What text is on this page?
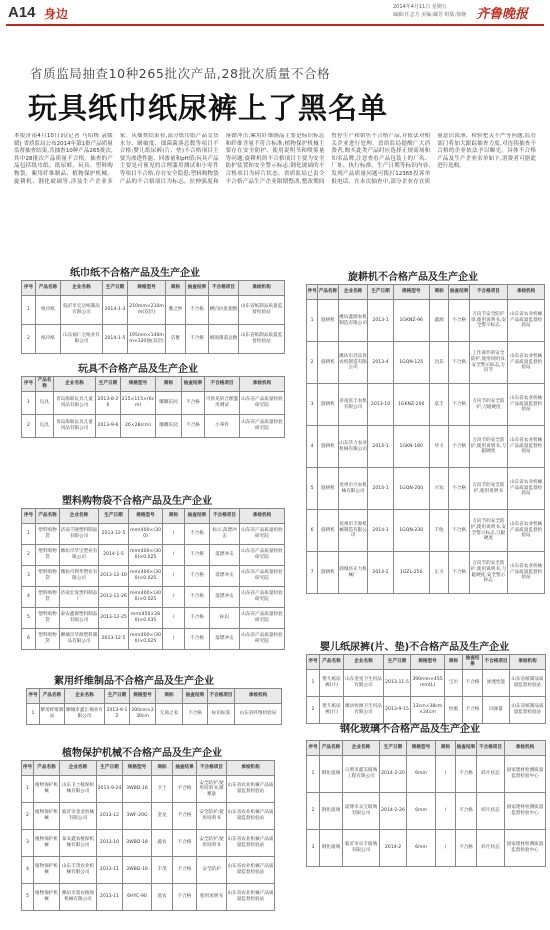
A14 身边	2014年4月11日 星期五
编辑:任志方 美编:阚芳 组版:徐静 齐鲁晚报
省质监局抽查10种265批次产品,28批次质量不合格
玩具纸巾纸尿裤上了黑名单
本报济南4月10日讯(记者 马绍栋 袁媛媛) 省质监局公布2014年第1批产品质量监督抽查结果,共抽查10种产品265批次,其中28批次产品质量不合格。抽查的产品包括纸巾纸、纸尿裤、玩具、塑料购物袋、絮用纤维制品、植物保护机械、旋耕机、钢化玻璃等,涉及生产企业多家。从抽查结果看,部分纸巾纸产品交货水分、耐破度、细菌菌落总数等项目不合格;婴儿纸尿裤(片、垫)不合格项目主要为渗透性能、回渗量和pH值;玩具产品主要是可预见的合理滥用测试和小零件等项目不合格,存在安全隐患;塑料购物袋产品的不合格项目为标志、拉伸强度和落镖冲击;絮用纤维制品主要是标识标志和纤维含量不符合标准;植物保护机械主要存在安全防护、使用说明书和喷雾量等问题;旋耕机的不合格项目主要为安全防护装置和安全警示标志;钢化玻璃的不合格项目为碎片状态。省质监局已责令不合格产品生产企业限期整改,整改期间暂停生产和销售不合格产品,并依法对相关企业进行处理。省质监局提醒广大消费者,购买此类产品时应选择正规商场和知名品牌,注意查看产品包装上的厂名、厂址、执行标准、生产日期等标识内容,发现产品质量问题可拨打12365投诉举报电话。在本次抽查中,部分企业存在质量意识淡薄、检验把关不严等问题,监管部门将加大跟踪抽查力度,对连续抽查不合格的企业依法予以曝光。具体不合格产品及生产企业名单如下,消费者可据此进行选购。
纸巾纸不合格产品及生产企业
序号	产品名称	企业名称	生产日期	规格型号	商标	抽查结果	不合格项目	承检机构
1	纸巾纸	临沂市宏达纸制品有限公司	2014-1-3	210mm×210mm(双层)	雅之妙	不合格	横向抗张指数	山东省纸制品质量监督检验站
2	纸巾纸	山东福仁宝纸业有限公司	2014-1-5	195mm×140mm×120抽(双层)	洁雅	不合格	细菌菌落总数	山东省纸制品质量监督检验站
玩具不合格产品及生产企业
序号	产品名称	企业名称	生产日期	规格型号	商标	抽查结果	不合格项目	承检机构
1	玩具	青岛海联玩具儿童用品有限公司	2013-8-26	215×115×(6cm)	嘟嘟乐园	不合格	可预见的合理滥用测试	山东省产品质量检验研究院
2	玩具	青岛海联玩具儿童用品有限公司	2013-9-6	26×28(cm)	嘟嘟乐园	不合格	小零件	山东省产品质量检验研究院
塑料购物袋不合格产品及生产企业
序号	产品名称	企业名称	生产日期	规格型号	商标	抽查结果	不合格项目	承检机构
1	塑料购物袋	济南千隆塑料制品有限公司	2013-12-5	mm(400×(300)	/	不合格	标示,落镖冲击	山东省产品质量检验研究院
2	塑料购物袋	潍坊市华宝塑业有限公司	2014-1-5	mm(400×(300)×0.025	/	不合格	落镖冲击	山东省产品质量检验研究院
3	塑料购物袋	潍坊市利华塑业有限公司	2013-12-10	mm(400×(300)×0.025	/	不合格	落镖冲击	山东省产品质量检验研究院
4	塑料购物袋	济南宏发塑料制品厂	2013-12-26	mm(400×(300)×0.025	/	不合格	落镖冲击	山东省产品质量检验研究院
5	塑料购物袋	泰安鑫源塑料制品有限公司	2013-12-25	mm(450×280)×0.035	/	不合格	标识	山东省产品质量检验研究院
6	塑料购物袋	聊城市华源塑料制品有限公司	2013-12-5	mm(400×(300)×0.025	/	不合格	落镖冲击	山东省产品质量检验研究院
絮用纤维制品不合格产品及生产企业
序号	产品名称	企业名称	生产日期	规格型号	商标	抽查结果	不合格项目	承检机构
1	絮用纤维制品	聊城市鑫汇棉业有限公司	2013-9-12	200cm×230cm	无商之家	不合格	标识标签	山东省纤维检验局
植物保护机械不合格产品及生产企业
序号	产品名称	企业名称	生产日期	规格型号	商标	抽查结果	不合格项目	承检机构
1	植物保护机械	山东卫士植保机械有限公司	2013-9-24	3WBD-16	卫士	不合格	安全防护,使用说明书,喷雾量	山东省农业机械产品质量监督检验站
2	植物保护机械	临沂市金龙机械有限公司	2013-12	3WF-20G	金龙	不合格	安全防护,使用说明书	山东省农业机械产品质量监督检验站
3	植物保护机械	泰安鑫农植保机械有限公司	2013-10	3WBD-18	鑫农	不合格	安全防护,使用说明书	山东省农业机械产品质量监督检验站
4	植物保护机械	山东丰茂农业机械有限公司	2013-11	3WBD-16	丰茂	不合格	安全防护	山东省农业机械产品质量监督检验站
5	植物保护机械	潍坊市爱农植保机械有限公司	2013-11	6HYC-90	爱农	不合格	使用说明书	山东省农业机械产品质量监督检验站
旋耕机不合格产品及生产企业
序号	产品名称	企业名称	生产日期	规格型号	商标	抽查结果	不合格项目	承检机构
1	旋耕机	潍坊鑫源农机制造有限公司	2013-1	1GKNZ-96	鑫源	不合格	万向节安全防护罩,使用说明书,安全警示标志	山东省农业机械产品质量监督检验站
2	旋耕机	潍坊市昌乐县农机制造有限公司	2013-4	1GQN-125	昌乐	不合格	工作部件的安全防护,使用说明书,安全警示标志,万向节	山东省农业机械产品质量监督检验站
3	旋耕机	济南富丰农机有限公司	2013-10	1GKNZ-200	富丰	不合格	万向节的安全防护,刀辊硬度	山东省农业机械产品质量监督检验站
4	旋耕机	山东华力农业机械有限公司	2014-1	1GKN-180	华力	不合格	万向节的安全防护,使用说明书,刀辊硬度	山东省农业机械产品质量监督检验站
5	旋耕机	兖州市兴农机械有限公司	2014-1	1GQN-200	兴农	不合格	万向节的安全防护,使用说明书	山东省农业机械产品质量监督检验站
6	旋耕机	兖州市丰收机械制造有限公司	2014-1	1GQN-230	丰收	不合格	万向节的安全防护,使用说明书,安全警示标志,刀辊硬度	山东省农业机械产品质量监督检验站
7	旋耕机	郓城县正力机械厂	2014-2	1GZL-250	正力	不合格	万向节的安全防护,使用说明书,刀辊硬度,安全警示标志	山东省农业机械产品质量监督检验站
婴儿纸尿裤(片、垫)不合格产品及生产企业
序号	产品名称	企业名称	生产日期	规格型号	商标	抽查结果	不合格项目	承检机构
1	婴儿纸尿裤(片)	山东金星卫生用品有限公司	2013-11-5	390mm×455mm(L)	宝贝	不合格	渗透性能	山东省纸制品质量监督检验站
2	婴儿纸尿裤(片)	潍坊恒源卫生用品有限公司	2013-9-15	13cm×38cm×24cm	恒源	不合格	回渗量	山东省纸制品质量监督检验站
钢化玻璃不合格产品及生产企业
序号	产品名称	企业名称	生产日期	规格型号	商标	抽查结果	不合格项目	承检机构
1	钢化玻璃	日照市鑫美玻璃工程有限公司	2014-2-20	6mm	/	不合格	碎片状态	国家建材检测质量监督检验中心
2	钢化玻璃	淄博市众宝玻璃有限公司	2014-2-26	6mm	/	不合格	碎片状态	国家建材检测质量监督检验中心
3	钢化玻璃	临沂市卓丰玻璃有限公司	2014-2	6mm	/	不合格	碎片状态	国家建材检测质量监督检验中心
